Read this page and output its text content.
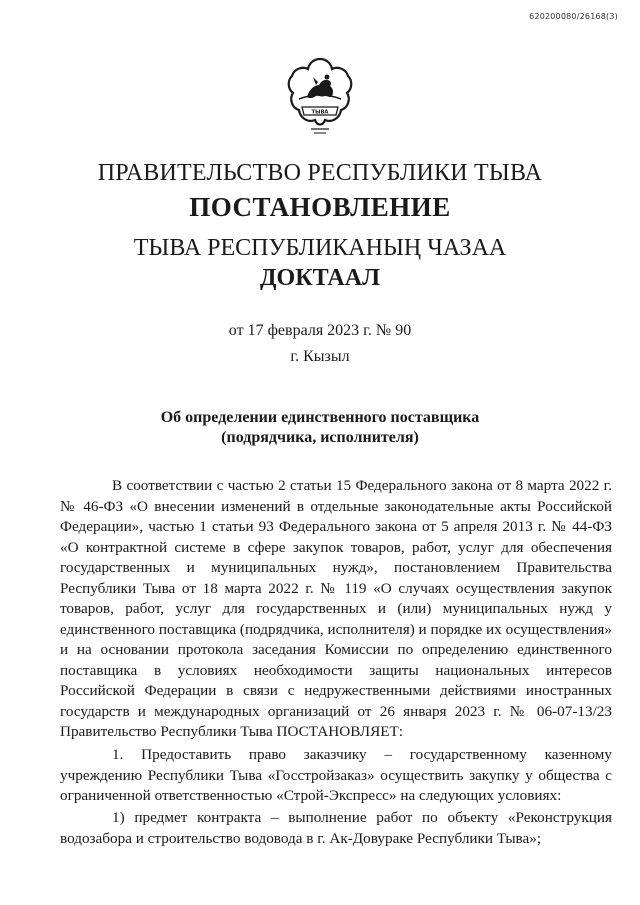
620200080/26168(3)
ТЫВА
ПРАВИТЕЛЬСТВО РЕСПУБЛИКИ ТЫВА
ПОСТАНОВЛЕНИЕ
ТЫВА РЕСПУБЛИКАНЫҢ ЧАЗАА
ДОКТААЛ
от 17 февраля 2023 г. № 90
г. Кызыл
Об определении единственного поставщика
(подрядчика, исполнителя)

В соответствии с частью 2 статьи 15 Федерального закона от 8 марта 2022 г. № 46-ФЗ «О внесении изменений в отдельные законодательные акты Российской Федерации», частью 1 статьи 93 Федерального закона от 5 апреля 2013 г. № 44-ФЗ «О контрактной системе в сфере закупок товаров, работ, услуг для обеспечения государственных и муниципальных нужд», постановлением Правительства Республики Тыва от 18 марта 2022 г. № 119 «О случаях осуществления закупок товаров, работ, услуг для государственных и (или) муниципальных нужд у единственного поставщика (подрядчика, исполнителя) и порядке их осуществления» и на основании протокола заседания Комиссии по определению единственного поставщика в условиях необходимости защиты национальных интересов Российской Федерации в связи с недружественными действиями иностранных государств и международных организаций от 26 января 2023 г. № 06-07-13/23 Правительство Республики Тыва ПОСТАНОВЛЯЕТ:

1. Предоставить право заказчику – государственному казенному учреждению Республики Тыва «Госстройзаказ» осуществить закупку у общества с ограниченной ответственностью «Строй-Экспресс» на следующих условиях:

1) предмет контракта – выполнение работ по объекту «Реконструкция водозабора и строительство водовода в г. Ак-Довураке Республики Тыва»;
